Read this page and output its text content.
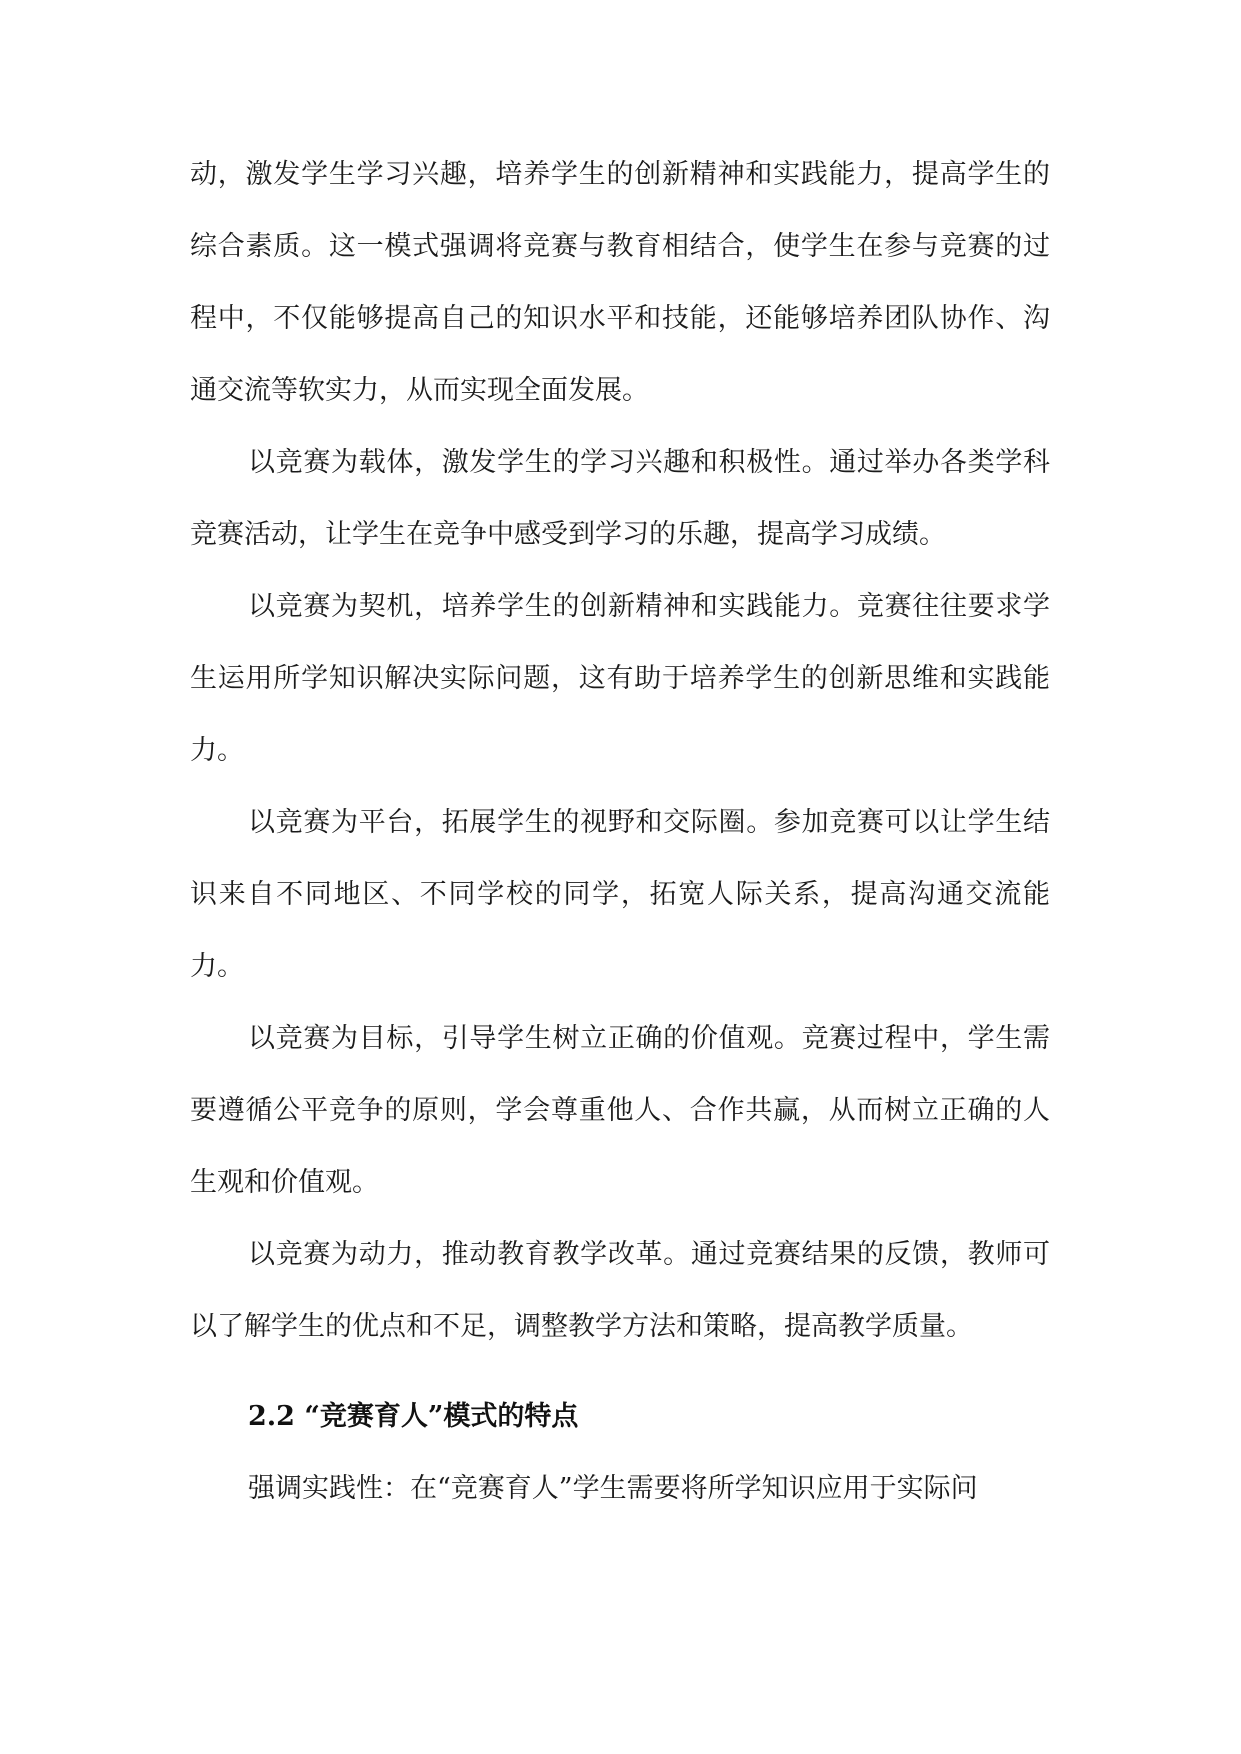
动，激发学生学习兴趣，培养学生的创新精神和实践能力，提高学生的综合素质。这一模式强调将竞赛与教育相结合，使学生在参与竞赛的过程中，不仅能够提高自己的知识水平和技能，还能够培养团队协作、沟通交流等软实力，从而实现全面发展。

以竞赛为载体，激发学生的学习兴趣和积极性。通过举办各类学科竞赛活动，让学生在竞争中感受到学习的乐趣，提高学习成绩。

以竞赛为契机，培养学生的创新精神和实践能力。竞赛往往要求学生运用所学知识解决实际问题，这有助于培养学生的创新思维和实践能力。

以竞赛为平台，拓展学生的视野和交际圈。参加竞赛可以让学生结识来自不同地区、不同学校的同学，拓宽人际关系，提高沟通交流能力。

以竞赛为目标，引导学生树立正确的价值观。竞赛过程中，学生需要遵循公平竞争的原则，学会尊重他人、合作共赢，从而树立正确的人生观和价值观。

以竞赛为动力，推动教育教学改革。通过竞赛结果的反馈，教师可以了解学生的优点和不足，调整教学方法和策略，提高教学质量。

2.2 “竞赛育人”模式的特点

强调实践性：在“竞赛育人”学生需要将所学知识应用于实际问
